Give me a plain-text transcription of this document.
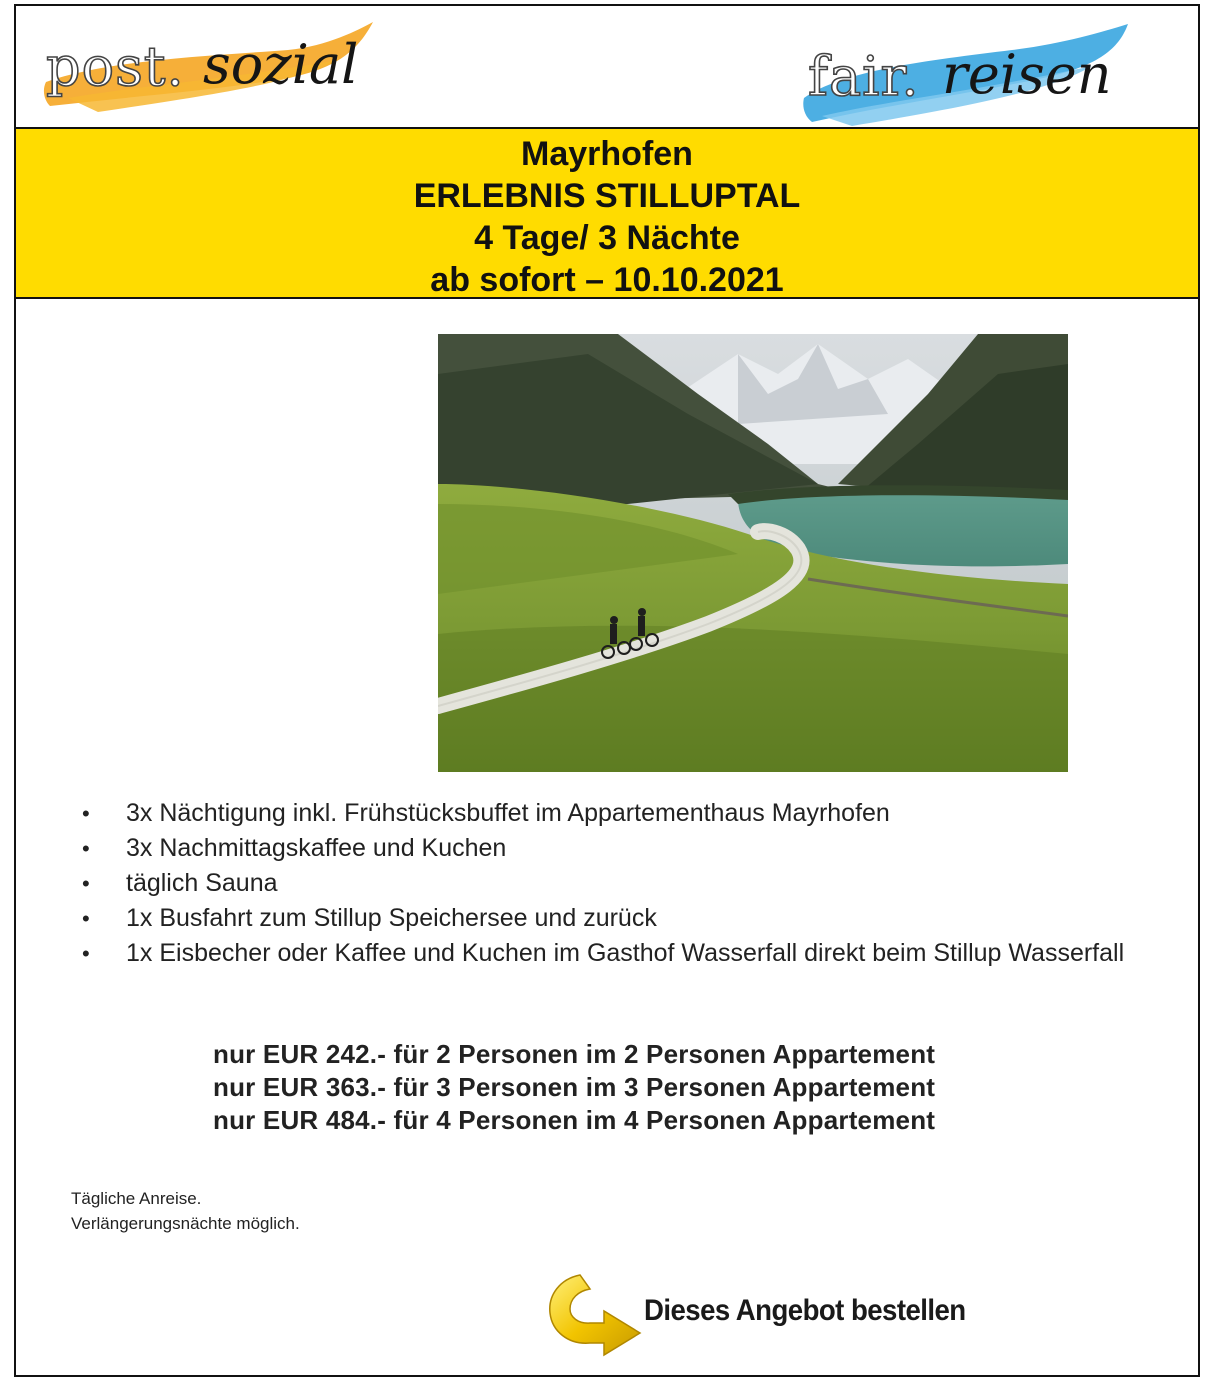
post. sozial	fair. reisen
Mayrhofen
ERLEBNIS STILLUPTAL
4 Tage/ 3 Nächte
ab sofort – 10.10.2021
• 3x Nächtigung inkl. Frühstücksbuffet im Appartementhaus Mayrhofen
• 3x Nachmittagskaffee und Kuchen
• täglich Sauna
• 1x Busfahrt zum Stillup Speichersee und zurück
• 1x Eisbecher oder Kaffee und Kuchen im Gasthof Wasserfall direkt beim Stillup Wasserfall
nur EUR 242.- für 2 Personen im 2 Personen Appartement
nur EUR 363.- für 3 Personen im 3 Personen Appartement
nur EUR 484.- für 4 Personen im 4 Personen Appartement
Tägliche Anreise.
Verlängerungsnächte möglich.
Dieses Angebot bestellen
